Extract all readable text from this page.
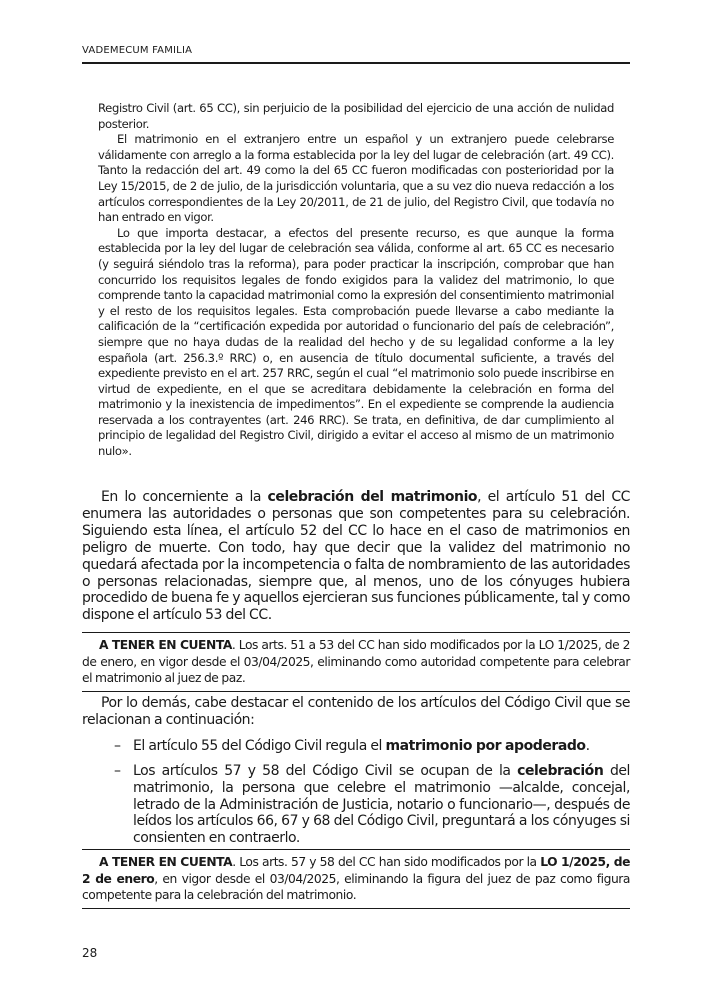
VADEMECUM FAMILIA

Registro Civil (art. 65 CC), sin perjuicio de la posibilidad del ejercicio de una acción de nulidad posterior.

El matrimonio en el extranjero entre un español y un extranjero puede celebrarse válidamente con arreglo a la forma establecida por la ley del lugar de celebración (art. 49 CC). Tanto la redacción del art. 49 como la del 65 CC fueron modificadas con posterioridad por la Ley 15/2015, de 2 de julio, de la jurisdicción voluntaria, que a su vez dio nueva redacción a los artículos correspondientes de la Ley 20/2011, de 21 de julio, del Registro Civil, que todavía no han entrado en vigor.

Lo que importa destacar, a efectos del presente recurso, es que aunque la forma establecida por la ley del lugar de celebración sea válida, conforme al art. 65 CC es necesario (y seguirá siéndolo tras la reforma), para poder practicar la inscripción, comprobar que han concurrido los requisitos legales de fondo exigidos para la validez del matrimonio, lo que comprende tanto la capacidad matrimonial como la expresión del consentimiento matrimonial y el resto de los requisitos legales. Esta comprobación puede llevarse a cabo mediante la calificación de la “certificación expedida por autoridad o funcionario del país de celebración”, siempre que no haya dudas de la realidad del hecho y de su legalidad conforme a la ley española (art. 256.3.º RRC) o, en ausencia de título documental suficiente, a través del expediente previsto en el art. 257 RRC, según el cual “el matrimonio solo puede inscribirse en virtud de expediente, en el que se acreditara debidamente la celebración en forma del matrimonio y la inexistencia de impedimentos”. En el expediente se comprende la audiencia reservada a los contrayentes (art. 246 RRC). Se trata, en definitiva, de dar cumplimiento al principio de legalidad del Registro Civil, dirigido a evitar el acceso al mismo de un matrimonio nulo».

En lo concerniente a la celebración del matrimonio, el artículo 51 del CC enumera las autoridades o personas que son competentes para su celebración. Siguiendo esta línea, el artículo 52 del CC lo hace en el caso de matrimonios en peligro de muerte. Con todo, hay que decir que la validez del matrimonio no quedará afectada por la incompetencia o falta de nombramiento de las autoridades o personas relacionadas, siempre que, al menos, uno de los cónyuges hubiera procedido de buena fe y aquellos ejercieran sus funciones públicamente, tal y como dispone el artículo 53 del CC.

A TENER EN CUENTA. Los arts. 51 a 53 del CC han sido modificados por la LO 1/2025, de 2 de enero, en vigor desde el 03/04/2025, eliminando como autoridad competente para celebrar el matrimonio al juez de paz.

Por lo demás, cabe destacar el contenido de los artículos del Código Civil que se relacionan a continuación:

– El artículo 55 del Código Civil regula el matrimonio por apoderado.
– Los artículos 57 y 58 del Código Civil se ocupan de la celebración del matrimonio, la persona que celebre el matrimonio —alcalde, concejal, letrado de la Administración de Justicia, notario o funcionario—, después de leídos los artículos 66, 67 y 68 del Código Civil, preguntará a los cónyuges si consienten en contraerlo.

A TENER EN CUENTA. Los arts. 57 y 58 del CC han sido modificados por la LO 1/2025, de 2 de enero, en vigor desde el 03/04/2025, eliminando la figura del juez de paz como figura competente para la celebración del matrimonio.

28
